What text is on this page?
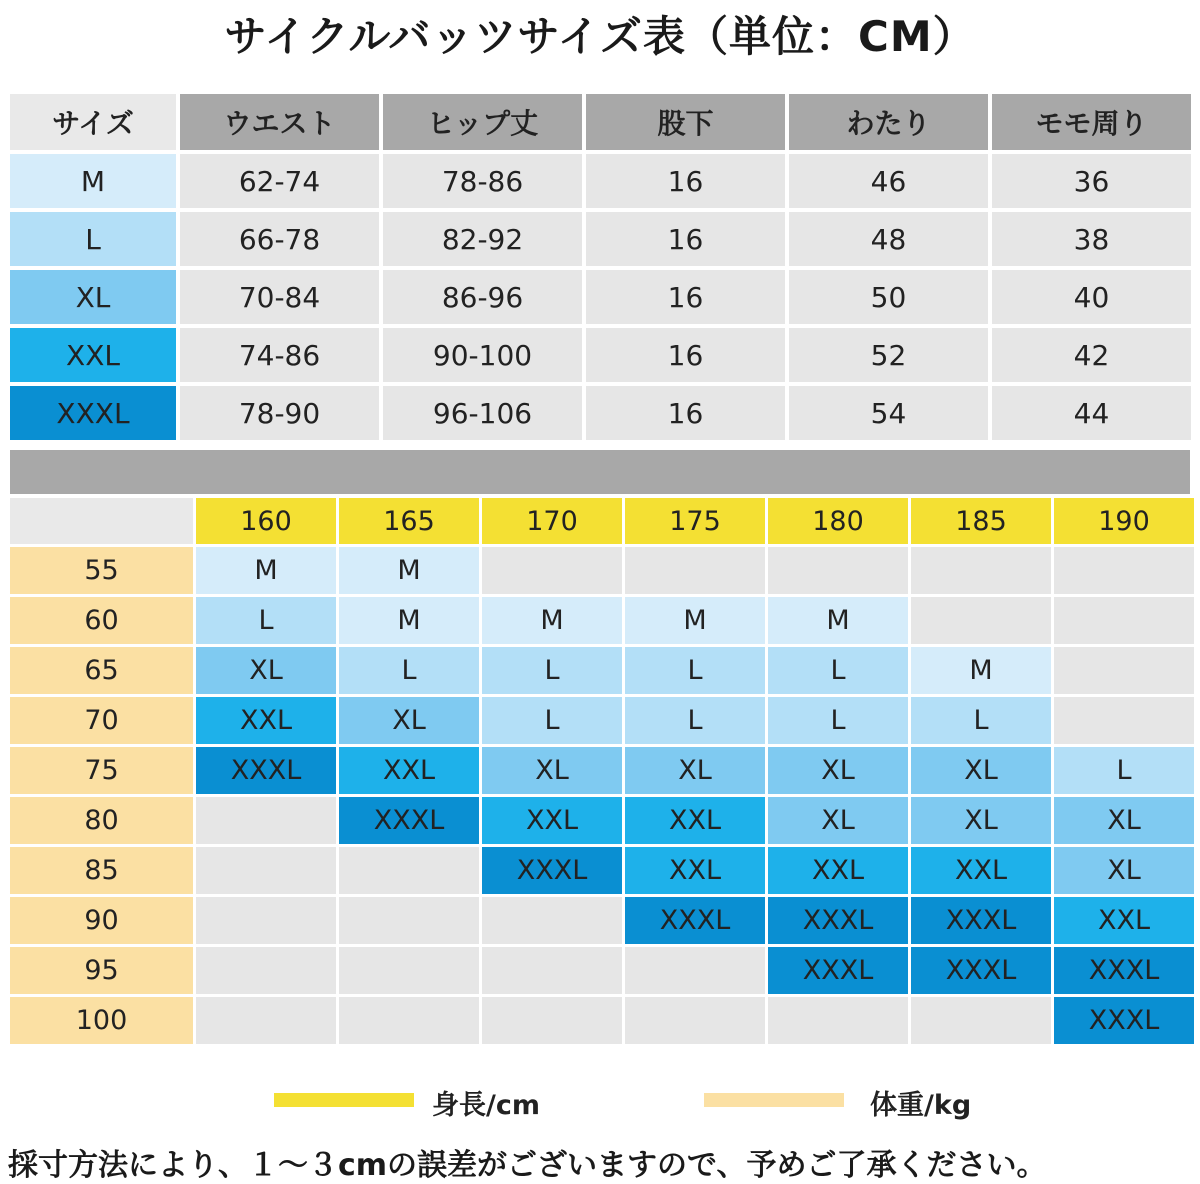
サイクルバッツサイズ表（単位：CM）
サイズ	ウエスト	ヒップ丈	股下	わたり	モモ周り
M	62-74	78-86	16	46	36
L	66-78	82-92	16	48	38
XL	70-84	86-96	16	50	40
XXL	74-86	90-100	16	52	42
XXXL	78-90	96-106	16	54	44
	160	165	170	175	180	185	190
55	M	M					
60	L	M	M	M	M		
65	XL	L	L	L	L	M	
70	XXL	XL	L	L	L	L	
75	XXXL	XXL	XL	XL	XL	XL	L
80		XXXL	XXL	XXL	XL	XL	XL
85			XXXL	XXL	XXL	XXL	XL
90				XXXL	XXXL	XXXL	XXL
95					XXXL	XXXL	XXXL
100							XXXL
身長/cm	体重/kg
採寸方法により、１～３cmの誤差がございますので、予めご了承ください。
